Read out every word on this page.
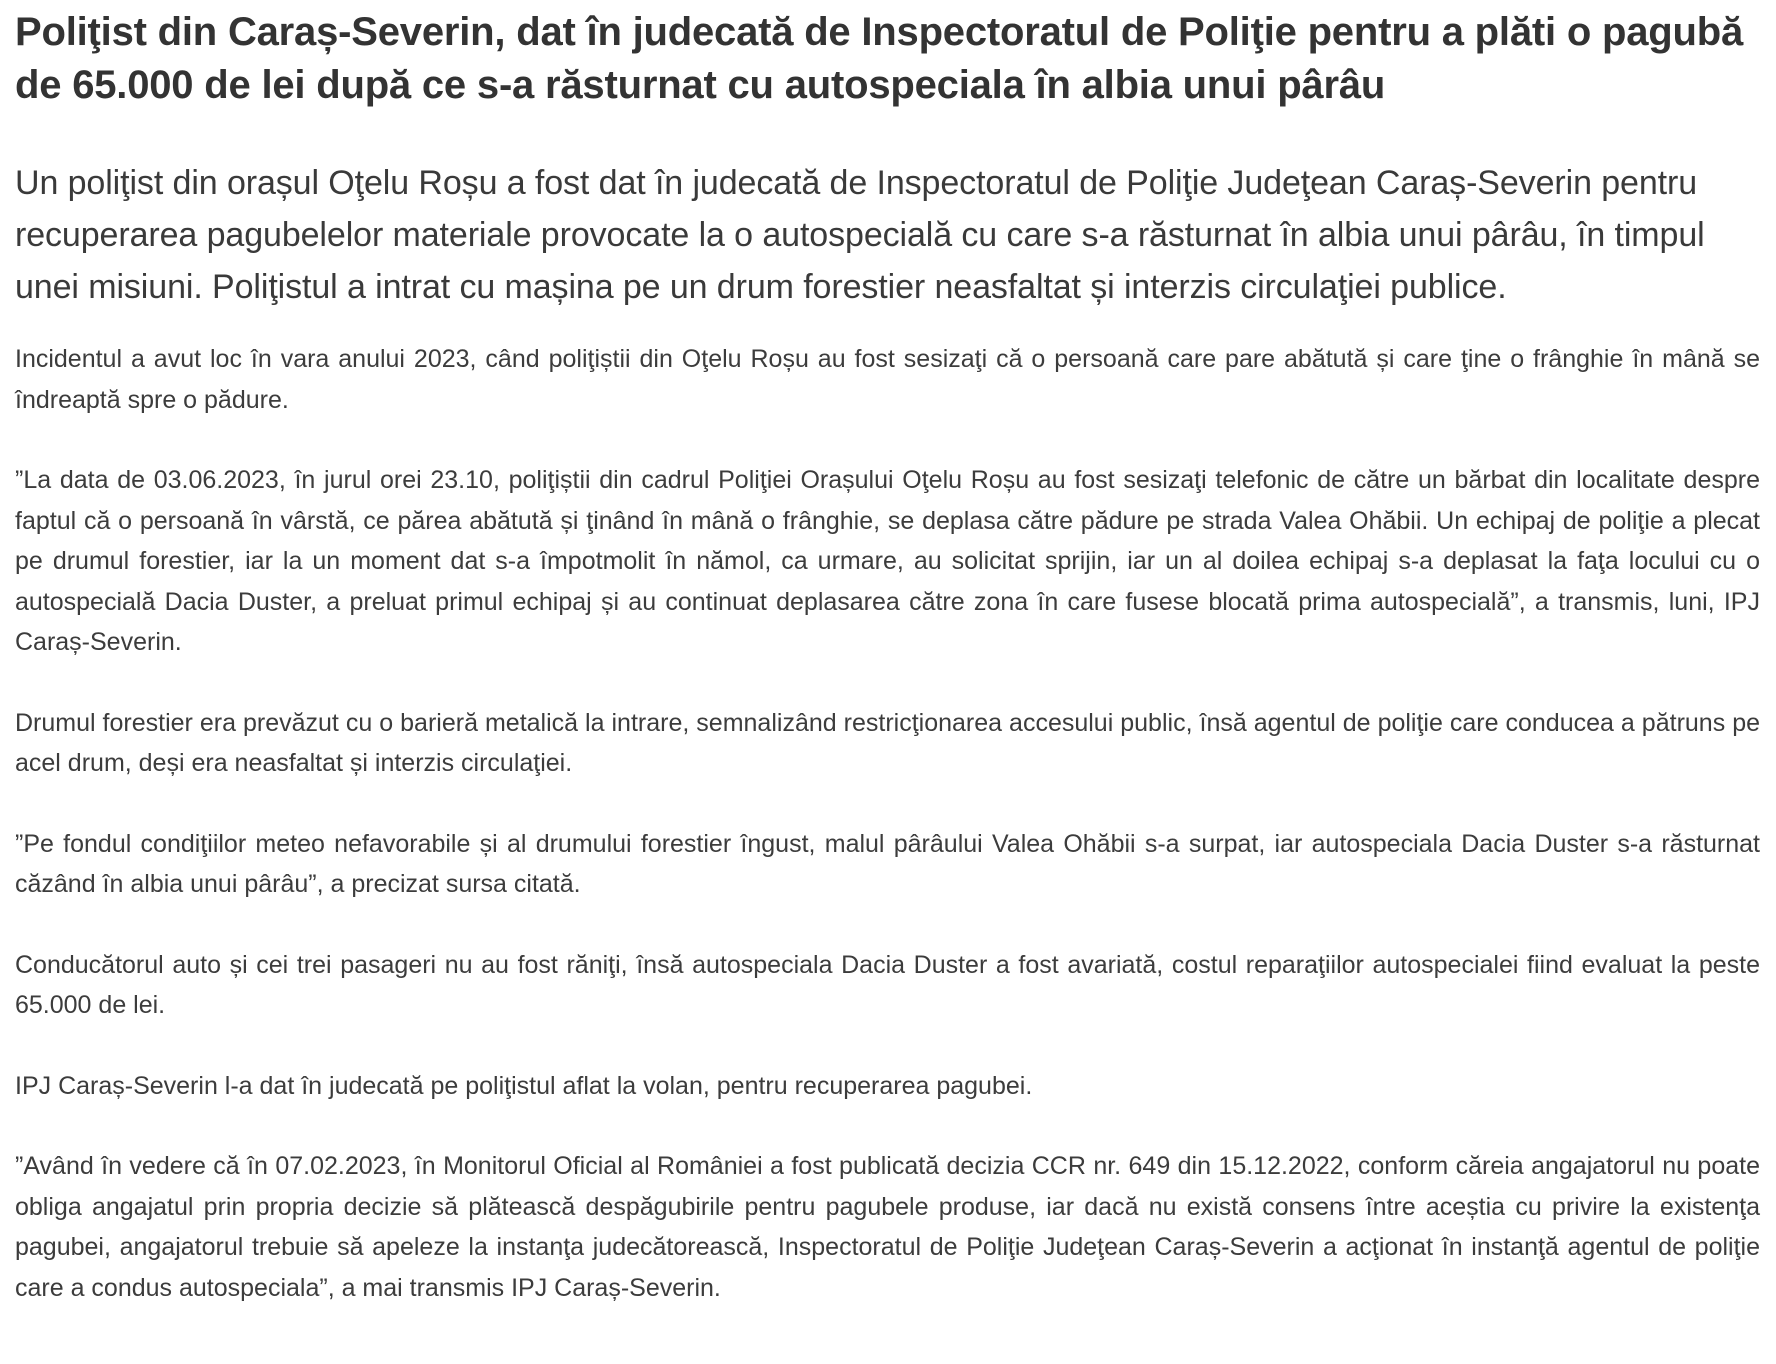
Poliţist din Caraș-Severin, dat în judecată de Inspectoratul de Poliţie pentru a plăti o pagubă de 65.000 de lei după ce s-a răsturnat cu autospeciala în albia unui pârâu

Un poliţist din orașul Oţelu Roșu a fost dat în judecată de Inspectoratul de Poliţie Judeţean Caraș-Severin pentru recuperarea pagubelelor materiale provocate la o autospecială cu care s-a răsturnat în albia unui pârâu, în timpul unei misiuni. Poliţistul a intrat cu mașina pe un drum forestier neasfaltat și interzis circulaţiei publice.

Incidentul a avut loc în vara anului 2023, când poliţiștii din Oţelu Roșu au fost sesizaţi că o persoană care pare abătută și care ţine o frânghie în mână se îndreaptă spre o pădure.

”La data de 03.06.2023, în jurul orei 23.10, poliţiștii din cadrul Poliţiei Orașului Oţelu Roșu au fost sesizaţi telefonic de către un bărbat din localitate despre faptul că o persoană în vârstă, ce părea abătută și ţinând în mână o frânghie, se deplasa către pădure pe strada Valea Ohăbii. Un echipaj de poliţie a plecat pe drumul forestier, iar la un moment dat s-a împotmolit în nămol, ca urmare, au solicitat sprijin, iar un al doilea echipaj s-a deplasat la faţa locului cu o autospecială Dacia Duster, a preluat primul echipaj și au continuat deplasarea către zona în care fusese blocată prima autospecială”, a transmis, luni, IPJ Caraș-Severin.

Drumul forestier era prevăzut cu o barieră metalică la intrare, semnalizând restricţionarea accesului public, însă agentul de poliţie care conducea a pătruns pe acel drum, deși era neasfaltat și interzis circulaţiei.

”Pe fondul condiţiilor meteo nefavorabile și al drumului forestier îngust, malul pârâului Valea Ohăbii s-a surpat, iar autospeciala Dacia Duster s-a răsturnat căzând în albia unui pârâu”, a precizat sursa citată.

Conducătorul auto și cei trei pasageri nu au fost răniţi, însă autospeciala Dacia Duster a fost avariată, costul reparaţiilor autospecialei fiind evaluat la peste 65.000 de lei.

IPJ Caraș-Severin l-a dat în judecată pe poliţistul aflat la volan, pentru recuperarea pagubei.

”Având în vedere că în 07.02.2023, în Monitorul Oficial al României a fost publicată decizia CCR nr. 649 din 15.12.2022, conform căreia angajatorul nu poate obliga angajatul prin propria decizie să plătească despăgubirile pentru pagubele produse, iar dacă nu există consens între aceștia cu privire la existenţa pagubei, angajatorul trebuie să apeleze la instanţa judecătorească, Inspectoratul de Poliţie Judeţean Caraș-Severin a acţionat în instanţă agentul de poliţie care a condus autospeciala”, a mai transmis IPJ Caraș-Severin.
